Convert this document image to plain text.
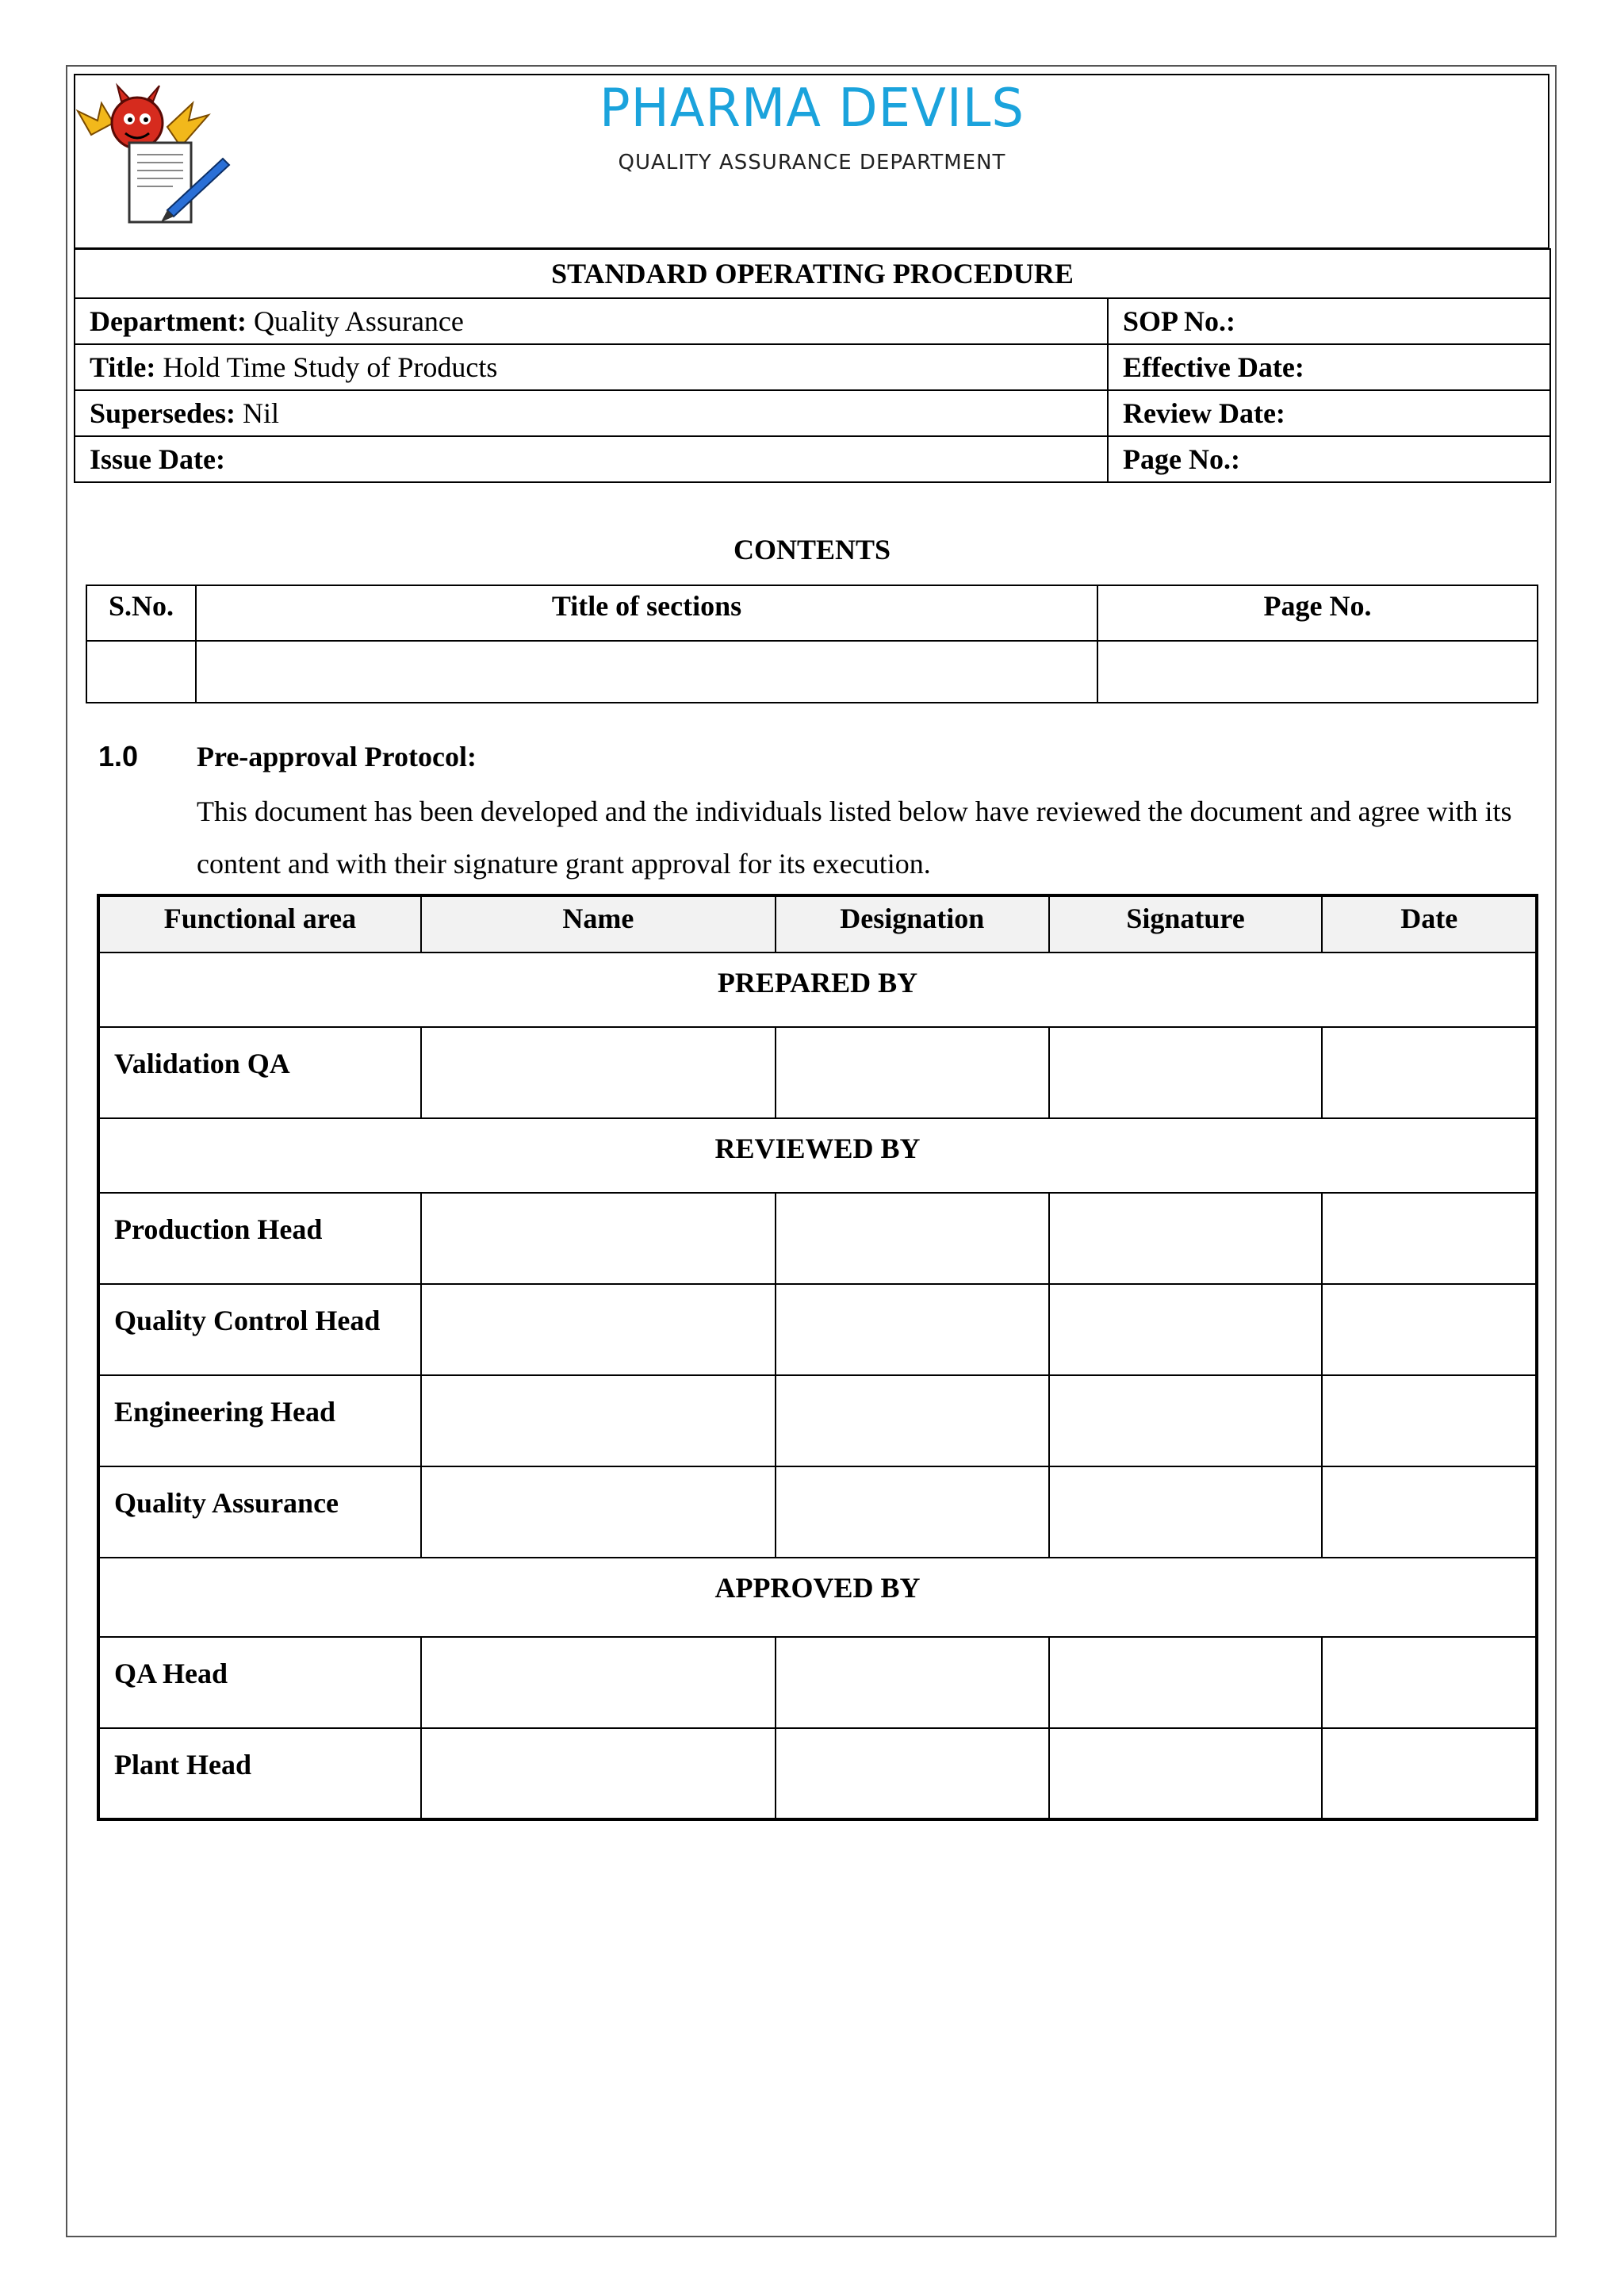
PHARMA DEVILS
QUALITY ASSURANCE DEPARTMENT
STANDARD OPERATING PROCEDURE	
Department: Quality Assurance	SOP No.:
Title: Hold Time Study of Products	Effective Date:
Supersedes: Nil	Review Date:
Issue Date:	Page No.:
CONTENTS
S.No.	Title of sections	Page No.

1.0 Pre-approval Protocol:
This document has been developed and the individuals listed below have reviewed the document and agree with its content and with their signature grant approval for its execution.
Functional area	Name	Designation	Signature	Date
PREPARED BY				
Validation QA				
REVIEWED BY				
Production Head				
Quality Control Head				
Engineering Head				
Quality Assurance				
APPROVED BY				
QA Head				
Plant Head				
